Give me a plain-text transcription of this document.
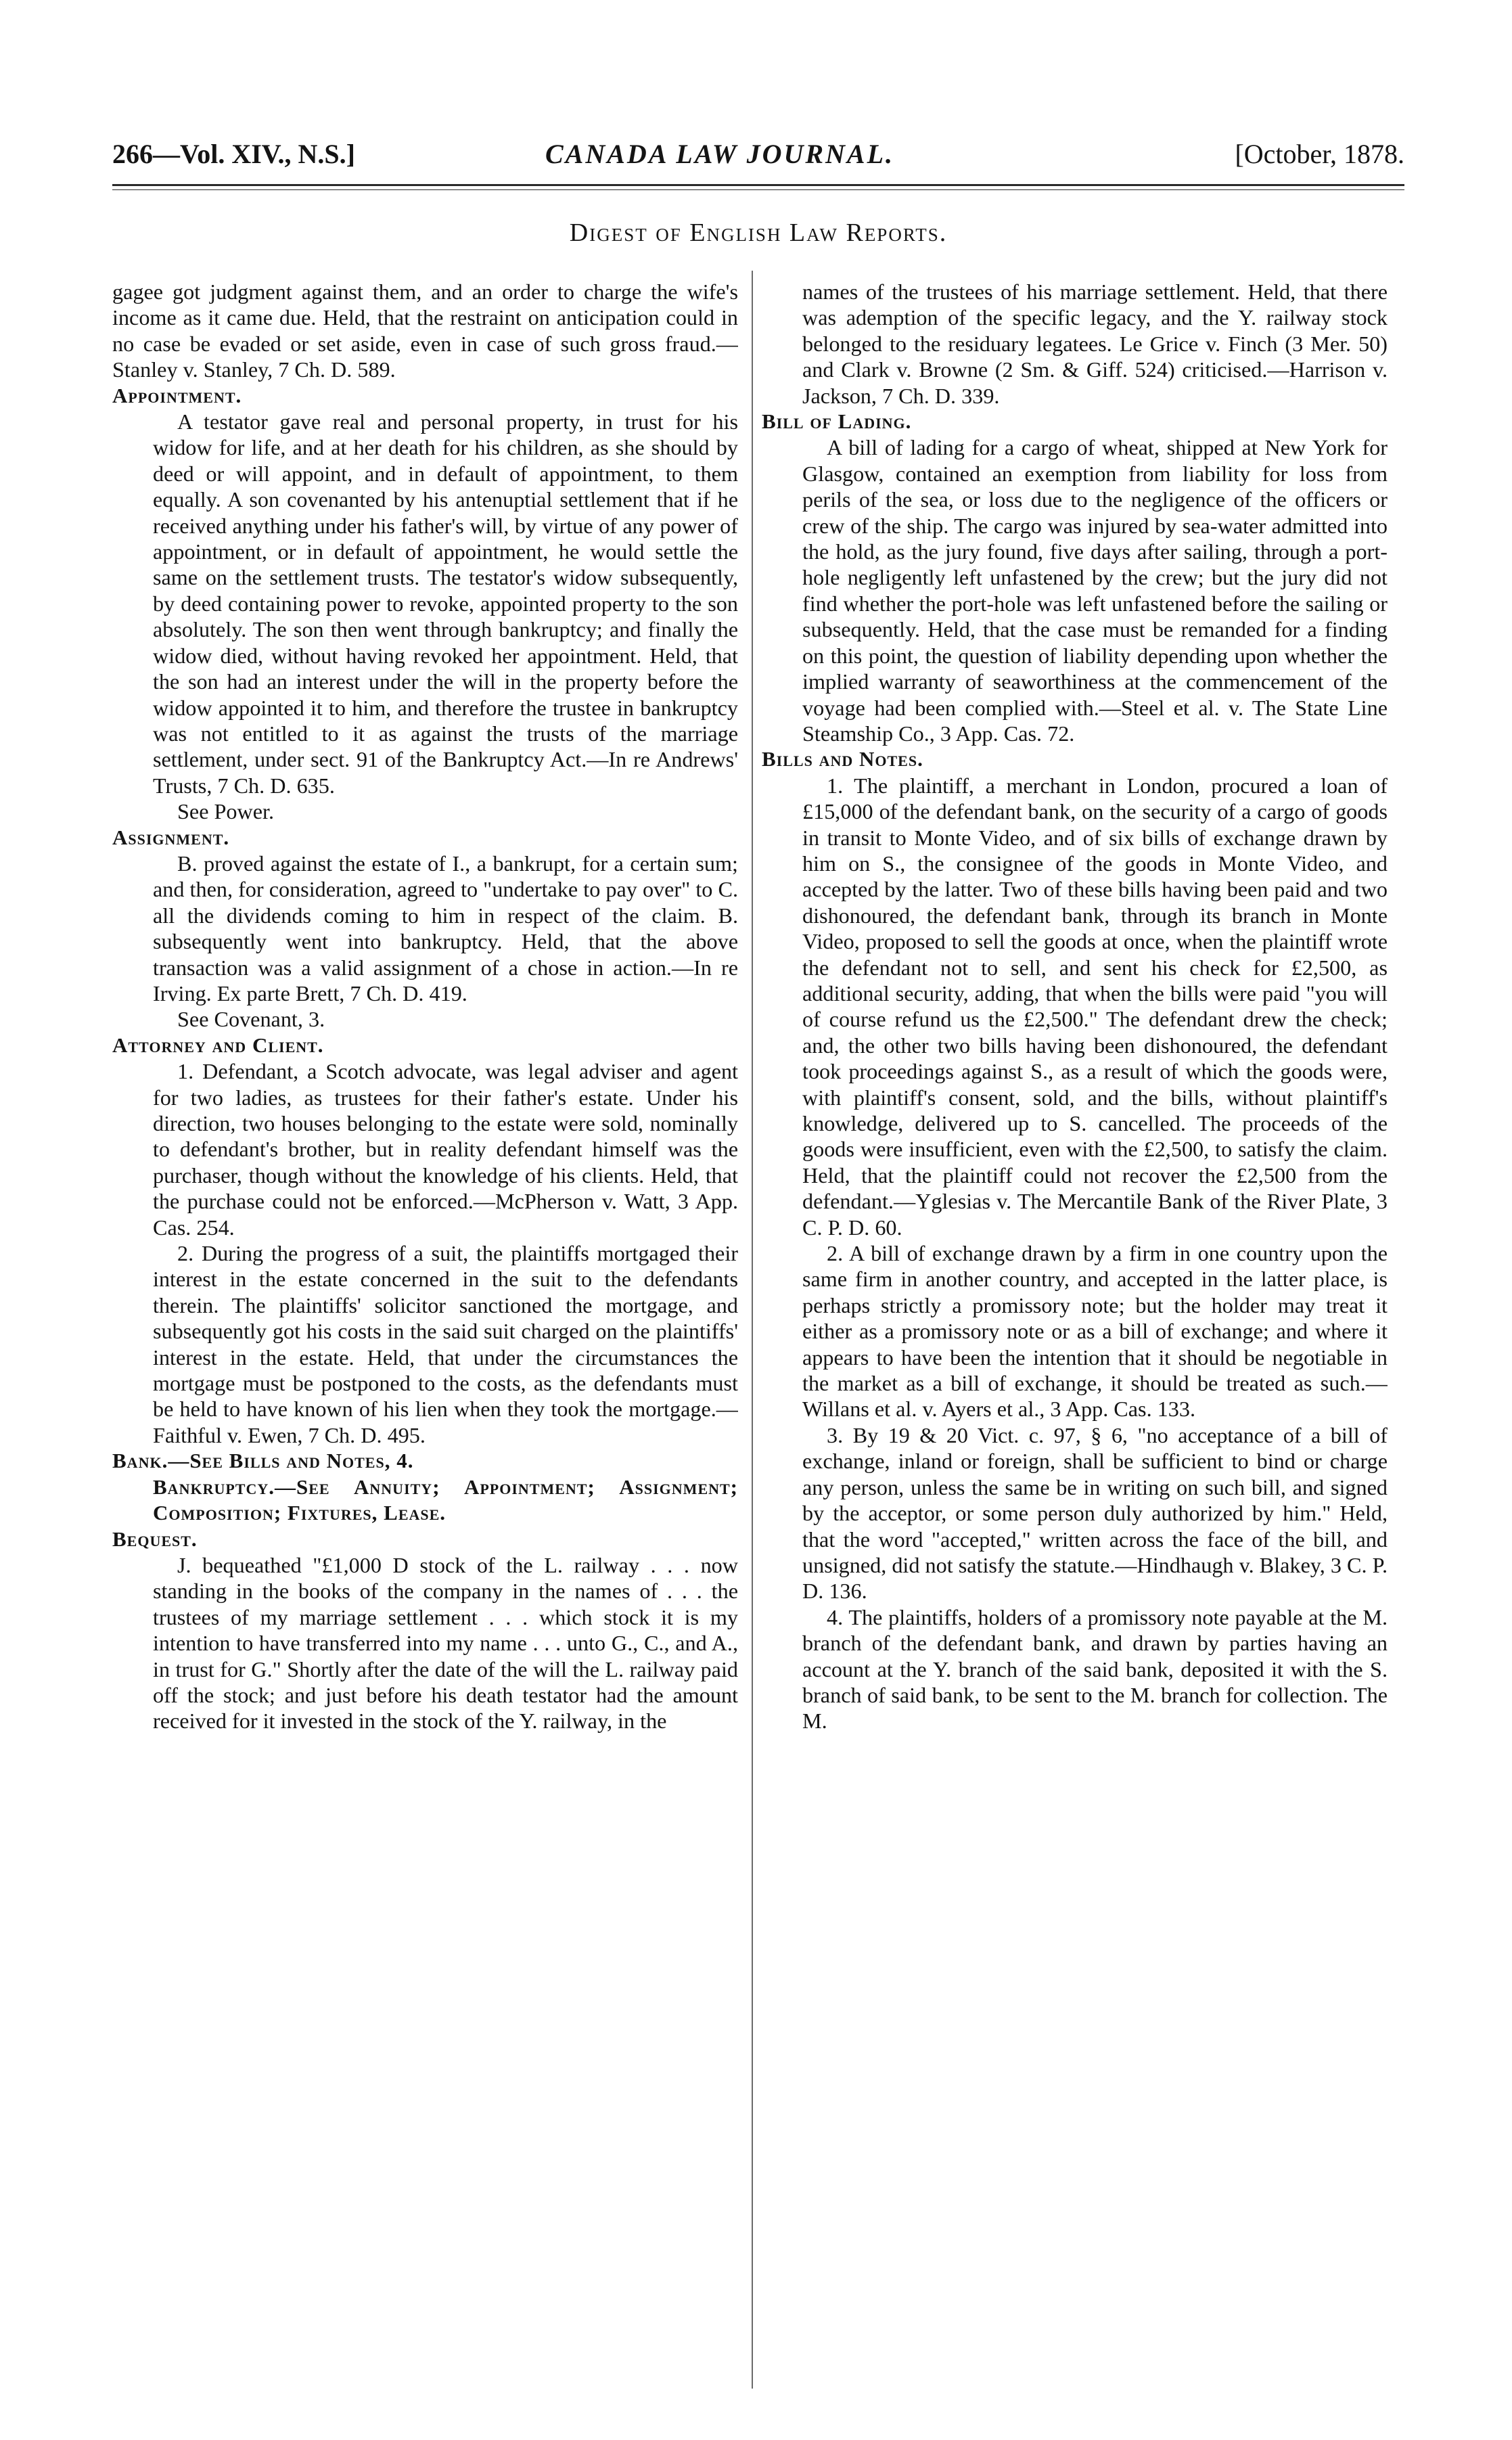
266—Vol. XIV., N.S.]	CANADA LAW JOURNAL.	[October, 1878.
Digest of English Law Reports.

gagee got judgment against them, and an order to charge the wife's income as it came due. Held, that the restraint on anticipation could in no case be evaded or set aside, even in case of such gross fraud.—Stanley v. Stanley, 7 Ch. D. 589.

Appointment.

A testator gave real and personal property, in trust for his widow for life, and at her death for his children, as she should by deed or will appoint, and in default of appointment, to them equally. A son covenanted by his antenuptial settlement that if he received anything under his father's will, by virtue of any power of appointment, or in default of appointment, he would settle the same on the settlement trusts. The testator's widow subsequently, by deed containing power to revoke, appointed property to the son absolutely. The son then went through bankruptcy; and finally the widow died, without having revoked her appointment. Held, that the son had an interest under the will in the property before the widow appointed it to him, and therefore the trustee in bankruptcy was not entitled to it as against the trusts of the marriage settlement, under sect. 91 of the Bankruptcy Act.—In re Andrews' Trusts, 7 Ch. D. 635.

See Power.

Assignment.

B. proved against the estate of I., a bankrupt, for a certain sum; and then, for consideration, agreed to "undertake to pay over" to C. all the dividends coming to him in respect of the claim. B. subsequently went into bankruptcy. Held, that the above transaction was a valid assignment of a chose in action.—In re Irving. Ex parte Brett, 7 Ch. D. 419.

See Covenant, 3.

Attorney and Client.

1. Defendant, a Scotch advocate, was legal adviser and agent for two ladies, as trustees for their father's estate. Under his direction, two houses belonging to the estate were sold, nominally to defendant's brother, but in reality defendant himself was the purchaser, though without the knowledge of his clients. Held, that the purchase could not be enforced.—McPherson v. Watt, 3 App. Cas. 254.

2. During the progress of a suit, the plaintiffs mortgaged their interest in the estate concerned in the suit to the defendants therein. The plaintiffs' solicitor sanctioned the mortgage, and subsequently got his costs in the said suit charged on the plaintiffs' interest in the estate. Held, that under the circumstances the mortgage must be postponed to the costs, as the defendants must be held to have known of his lien when they took the mortgage.—Faithful v. Ewen, 7 Ch. D. 495.

Bank.—See Bills and Notes, 4.

Bankruptcy.—See Annuity; Appointment; Assignment; Composition; Fixtures, Lease.

Bequest.

J. bequeathed "£1,000 D stock of the L. railway . . . now standing in the books of the company in the names of . . . the trustees of my marriage settlement . . . which stock it is my intention to have transferred into my name . . . unto G., C., and A., in trust for G." Shortly after the date of the will the L. railway paid off the stock; and just before his death testator had the amount received for it invested in the stock of the Y. railway, in the

names of the trustees of his marriage settlement. Held, that there was ademption of the specific legacy, and the Y. railway stock belonged to the residuary legatees. Le Grice v. Finch (3 Mer. 50) and Clark v. Browne (2 Sm. & Giff. 524) criticised.—Harrison v. Jackson, 7 Ch. D. 339.

Bill of Lading.

A bill of lading for a cargo of wheat, shipped at New York for Glasgow, contained an exemption from liability for loss from perils of the sea, or loss due to the negligence of the officers or crew of the ship. The cargo was injured by sea-water admitted into the hold, as the jury found, five days after sailing, through a port-hole negligently left unfastened by the crew; but the jury did not find whether the port-hole was left unfastened before the sailing or subsequently. Held, that the case must be remanded for a finding on this point, the question of liability depending upon whether the implied warranty of seaworthiness at the commencement of the voyage had been complied with.—Steel et al. v. The State Line Steamship Co., 3 App. Cas. 72.

Bills and Notes.

1. The plaintiff, a merchant in London, procured a loan of £15,000 of the defendant bank, on the security of a cargo of goods in transit to Monte Video, and of six bills of exchange drawn by him on S., the consignee of the goods in Monte Video, and accepted by the latter. Two of these bills having been paid and two dishonoured, the defendant bank, through its branch in Monte Video, proposed to sell the goods at once, when the plaintiff wrote the defendant not to sell, and sent his check for £2,500, as additional security, adding, that when the bills were paid "you will of course refund us the £2,500." The defendant drew the check; and, the other two bills having been dishonoured, the defendant took proceedings against S., as a result of which the goods were, with plaintiff's consent, sold, and the bills, without plaintiff's knowledge, delivered up to S. cancelled. The proceeds of the goods were insufficient, even with the £2,500, to satisfy the claim. Held, that the plaintiff could not recover the £2,500 from the defendant.—Yglesias v. The Mercantile Bank of the River Plate, 3 C. P. D. 60.

2. A bill of exchange drawn by a firm in one country upon the same firm in another country, and accepted in the latter place, is perhaps strictly a promissory note; but the holder may treat it either as a promissory note or as a bill of exchange; and where it appears to have been the intention that it should be negotiable in the market as a bill of exchange, it should be treated as such.—Willans et al. v. Ayers et al., 3 App. Cas. 133.

3. By 19 & 20 Vict. c. 97, § 6, "no acceptance of a bill of exchange, inland or foreign, shall be sufficient to bind or charge any person, unless the same be in writing on such bill, and signed by the acceptor, or some person duly authorized by him." Held, that the word "accepted," written across the face of the bill, and unsigned, did not satisfy the statute.—Hindhaugh v. Blakey, 3 C. P. D. 136.

4. The plaintiffs, holders of a promissory note payable at the M. branch of the defendant bank, and drawn by parties having an account at the Y. branch of the said bank, deposited it with the S. branch of said bank, to be sent to the M. branch for collection. The M.
